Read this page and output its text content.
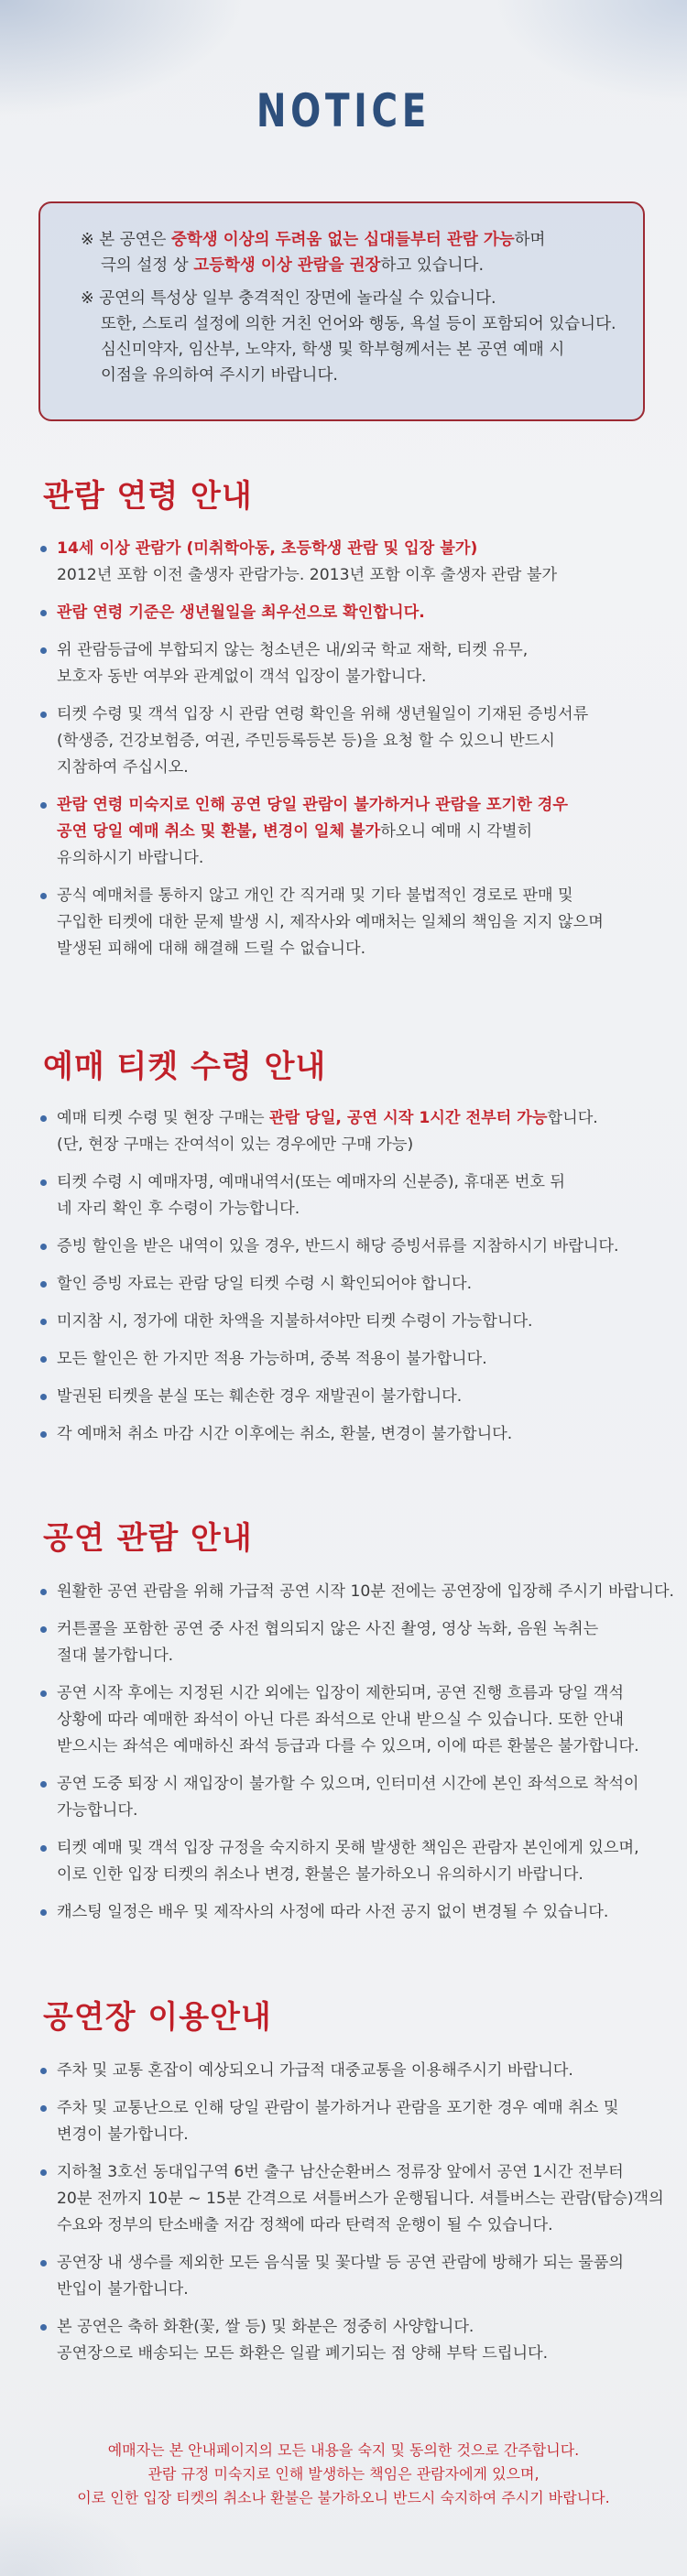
NOTICE
※ 본 공연은 중학생 이상의 두려움 없는 십대들부터 관람 가능하며
극의 설정 상 고등학생 이상 관람을 권장하고 있습니다.
※ 공연의 특성상 일부 충격적인 장면에 놀라실 수 있습니다.
또한, 스토리 설정에 의한 거친 언어와 행동, 욕설 등이 포함되어 있습니다.
심신미약자, 임산부, 노약자, 학생 및 학부형께서는 본 공연 예매 시
이점을 유의하여 주시기 바랍니다.
관람 연령 안내
14세 이상 관람가 (미취학아동, 초등학생 관람 및 입장 불가)
2012년 포함 이전 출생자 관람가능. 2013년 포함 이후 출생자 관람 불가
관람 연령 기준은 생년월일을 최우선으로 확인합니다.
위 관람등급에 부합되지 않는 청소년은 내/외국 학교 재학, 티켓 유무,
보호자 동반 여부와 관계없이 객석 입장이 불가합니다.
티켓 수령 및 객석 입장 시 관람 연령 확인을 위해 생년월일이 기재된 증빙서류
(학생증, 건강보험증, 여권, 주민등록등본 등)을 요청 할 수 있으니 반드시
지참하여 주십시오.
관람 연령 미숙지로 인해 공연 당일 관람이 불가하거나 관람을 포기한 경우
공연 당일 예매 취소 및 환불, 변경이 일체 불가하오니 예매 시 각별히
유의하시기 바랍니다.
공식 예매처를 통하지 않고 개인 간 직거래 및 기타 불법적인 경로로 판매 및
구입한 티켓에 대한 문제 발생 시, 제작사와 예매처는 일체의 책임을 지지 않으며
발생된 피해에 대해 해결해 드릴 수 없습니다.
예매 티켓 수령 안내
예매 티켓 수령 및 현장 구매는 관람 당일, 공연 시작 1시간 전부터 가능합니다.
(단, 현장 구매는 잔여석이 있는 경우에만 구매 가능)
티켓 수령 시 예매자명, 예매내역서(또는 예매자의 신분증), 휴대폰 번호 뒤
네 자리 확인 후 수령이 가능합니다.
증빙 할인을 받은 내역이 있을 경우, 반드시 해당 증빙서류를 지참하시기 바랍니다.
할인 증빙 자료는 관람 당일 티켓 수령 시 확인되어야 합니다.
미지참 시, 정가에 대한 차액을 지불하셔야만 티켓 수령이 가능합니다.
모든 할인은 한 가지만 적용 가능하며, 중복 적용이 불가합니다.
발권된 티켓을 분실 또는 훼손한 경우 재발권이 불가합니다.
각 예매처 취소 마감 시간 이후에는 취소, 환불, 변경이 불가합니다.
공연 관람 안내
원활한 공연 관람을 위해 가급적 공연 시작 10분 전에는 공연장에 입장해 주시기 바랍니다.
커튼콜을 포함한 공연 중 사전 협의되지 않은 사진 촬영, 영상 녹화, 음원 녹취는
절대 불가합니다.
공연 시작 후에는 지정된 시간 외에는 입장이 제한되며, 공연 진행 흐름과 당일 객석
상황에 따라 예매한 좌석이 아닌 다른 좌석으로 안내 받으실 수 있습니다. 또한 안내
받으시는 좌석은 예매하신 좌석 등급과 다를 수 있으며, 이에 따른 환불은 불가합니다.
공연 도중 퇴장 시 재입장이 불가할 수 있으며, 인터미션 시간에 본인 좌석으로 착석이
가능합니다.
티켓 예매 및 객석 입장 규정을 숙지하지 못해 발생한 책임은 관람자 본인에게 있으며,
이로 인한 입장 티켓의 취소나 변경, 환불은 불가하오니 유의하시기 바랍니다.
캐스팅 일정은 배우 및 제작사의 사정에 따라 사전 공지 없이 변경될 수 있습니다.
공연장 이용안내
주차 및 교통 혼잡이 예상되오니 가급적 대중교통을 이용해주시기 바랍니다.
주차 및 교통난으로 인해 당일 관람이 불가하거나 관람을 포기한 경우 예매 취소 및
변경이 불가합니다.
지하철 3호선 동대입구역 6번 출구 남산순환버스 정류장 앞에서 공연 1시간 전부터
20분 전까지 10분 ~ 15분 간격으로 셔틀버스가 운행됩니다. 셔틀버스는 관람(탑승)객의
수요와 정부의 탄소배출 저감 정책에 따라 탄력적 운행이 될 수 있습니다.
공연장 내 생수를 제외한 모든 음식물 및 꽃다발 등 공연 관람에 방해가 되는 물품의
반입이 불가합니다.
본 공연은 축하 화환(꽃, 쌀 등) 및 화분은 정중히 사양합니다.
공연장으로 배송되는 모든 화환은 일괄 폐기되는 점 양해 부탁 드립니다.
예매자는 본 안내페이지의 모든 내용을 숙지 및 동의한 것으로 간주합니다.
관람 규정 미숙지로 인해 발생하는 책임은 관람자에게 있으며,
이로 인한 입장 티켓의 취소나 환불은 불가하오니 반드시 숙지하여 주시기 바랍니다.
